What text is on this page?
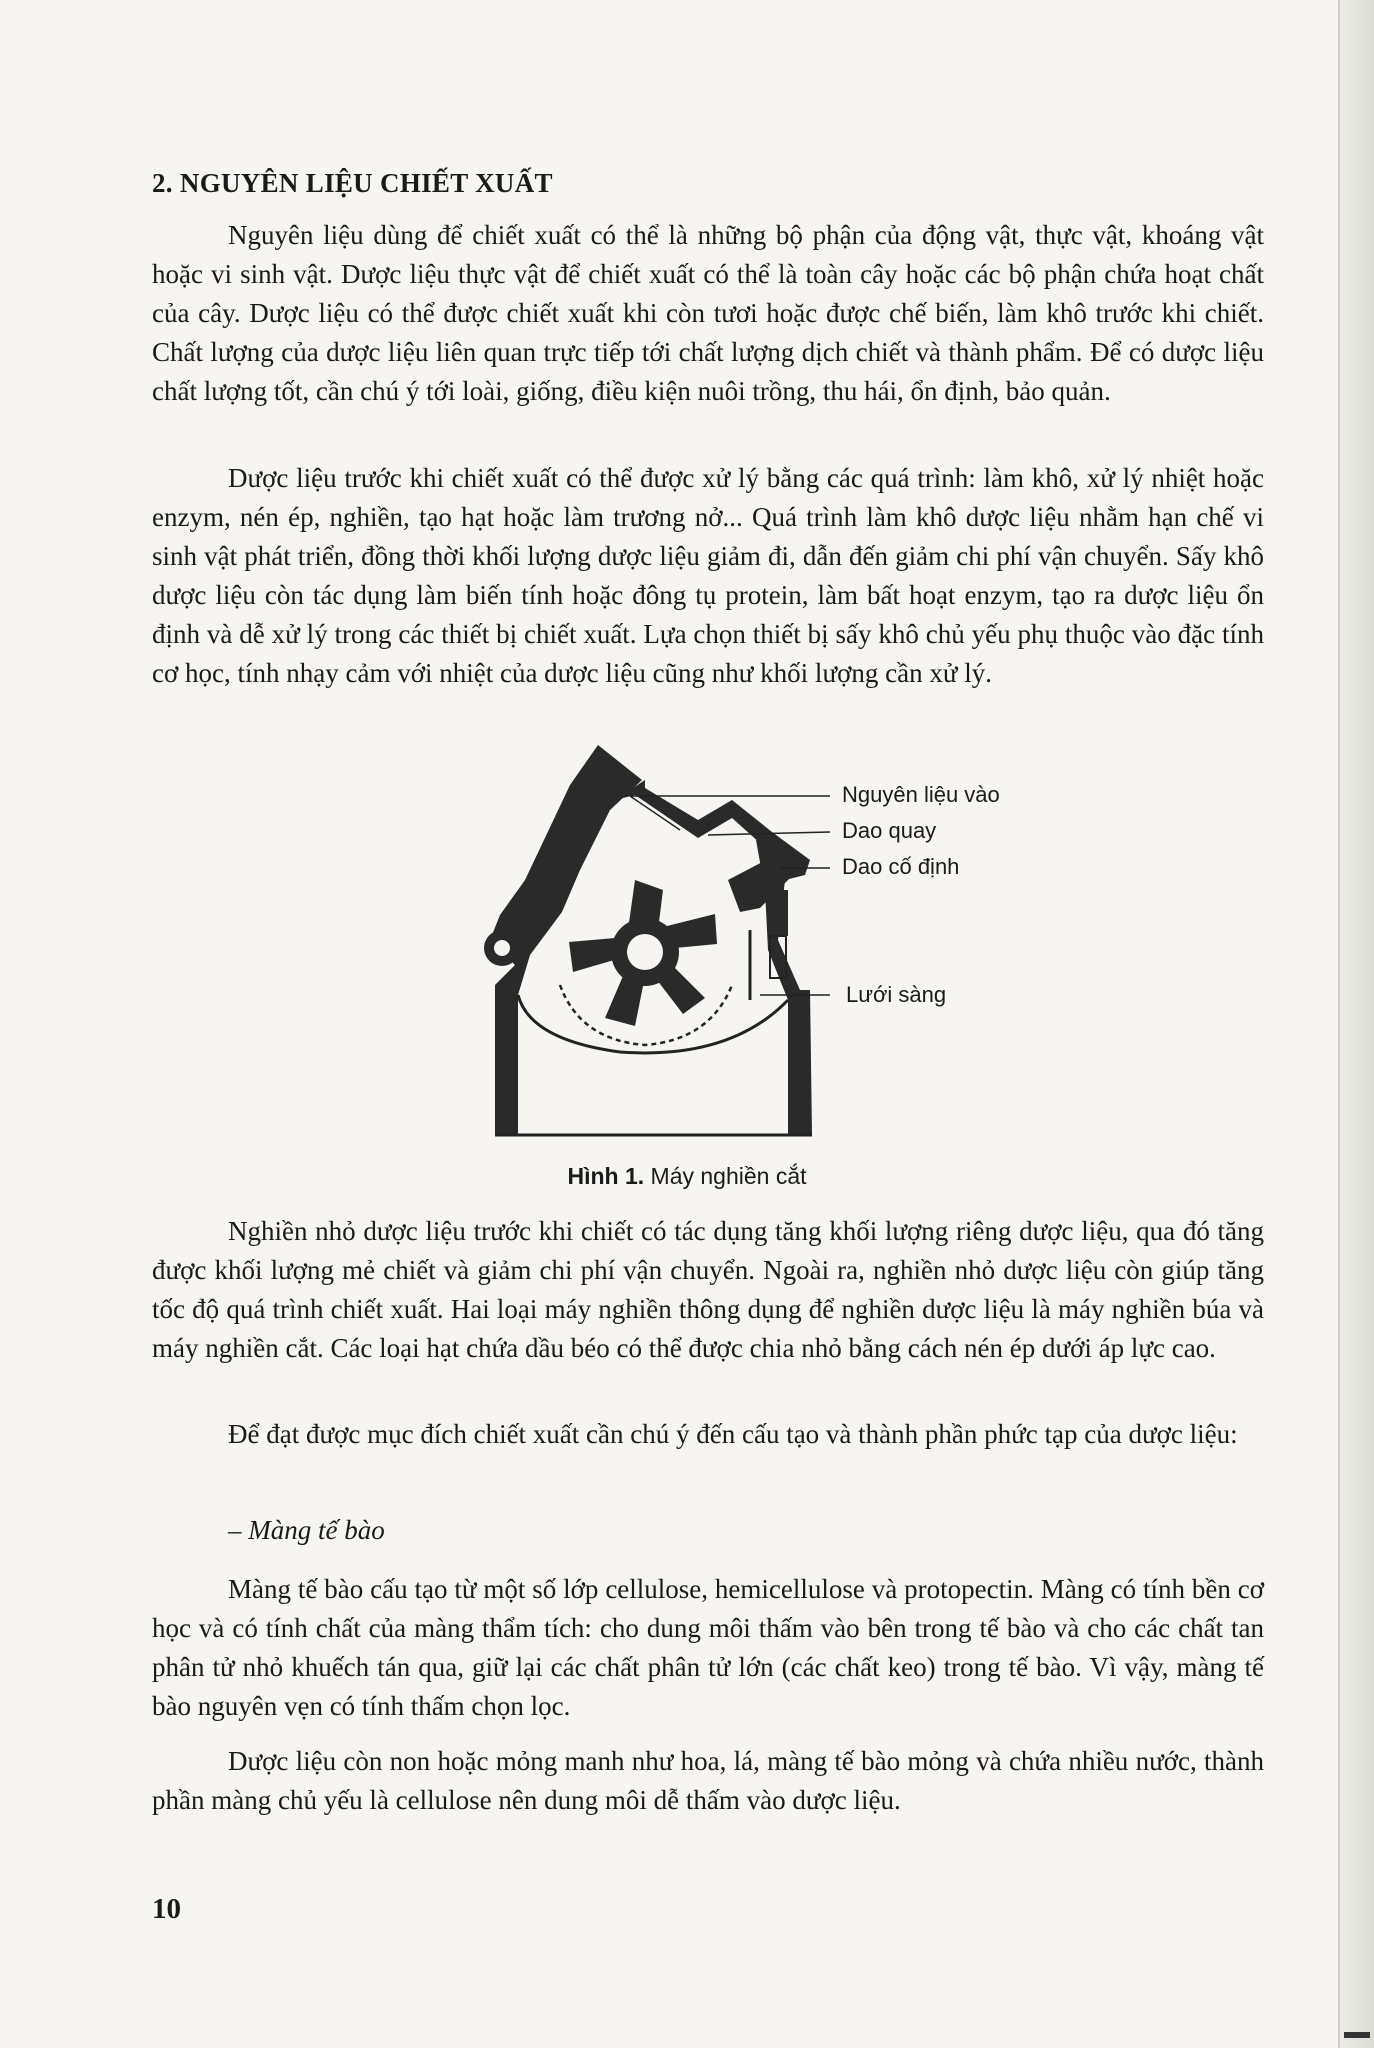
2. NGUYÊN LIỆU CHIẾT XUẤT

Nguyên liệu dùng để chiết xuất có thể là những bộ phận của động vật, thực vật, khoáng vật hoặc vi sinh vật. Dược liệu thực vật để chiết xuất có thể là toàn cây hoặc các bộ phận chứa hoạt chất của cây. Dược liệu có thể được chiết xuất khi còn tươi hoặc được chế biến, làm khô trước khi chiết. Chất lượng của dược liệu liên quan trực tiếp tới chất lượng dịch chiết và thành phẩm. Để có dược liệu chất lượng tốt, cần chú ý tới loài, giống, điều kiện nuôi trồng, thu hái, ổn định, bảo quản.

Dược liệu trước khi chiết xuất có thể được xử lý bằng các quá trình: làm khô, xử lý nhiệt hoặc enzym, nén ép, nghiền, tạo hạt hoặc làm trương nở... Quá trình làm khô dược liệu nhằm hạn chế vi sinh vật phát triển, đồng thời khối lượng dược liệu giảm đi, dẫn đến giảm chi phí vận chuyển. Sấy khô dược liệu còn tác dụng làm biến tính hoặc đông tụ protein, làm bất hoạt enzym, tạo ra dược liệu ổn định và dễ xử lý trong các thiết bị chiết xuất. Lựa chọn thiết bị sấy khô chủ yếu phụ thuộc vào đặc tính cơ học, tính nhạy cảm với nhiệt của dược liệu cũng như khối lượng cần xử lý.

Nguyên liệu vào
Dao quay
Dao cố định
Lưới sàng
Hình 1. Máy nghiền cắt

Nghiền nhỏ dược liệu trước khi chiết có tác dụng tăng khối lượng riêng dược liệu, qua đó tăng được khối lượng mẻ chiết và giảm chi phí vận chuyển. Ngoài ra, nghiền nhỏ dược liệu còn giúp tăng tốc độ quá trình chiết xuất. Hai loại máy nghiền thông dụng để nghiền dược liệu là máy nghiền búa và máy nghiền cắt. Các loại hạt chứa dầu béo có thể được chia nhỏ bằng cách nén ép dưới áp lực cao.

Để đạt được mục đích chiết xuất cần chú ý đến cấu tạo và thành phần phức tạp của dược liệu:

– Màng tế bào

Màng tế bào cấu tạo từ một số lớp cellulose, hemicellulose và protopectin. Màng có tính bền cơ học và có tính chất của màng thẩm tích: cho dung môi thấm vào bên trong tế bào và cho các chất tan phân tử nhỏ khuếch tán qua, giữ lại các chất phân tử lớn (các chất keo) trong tế bào. Vì vậy, màng tế bào nguyên vẹn có tính thấm chọn lọc.

Dược liệu còn non hoặc mỏng manh như hoa, lá, màng tế bào mỏng và chứa nhiều nước, thành phần màng chủ yếu là cellulose nên dung môi dễ thấm vào dược liệu.

10
